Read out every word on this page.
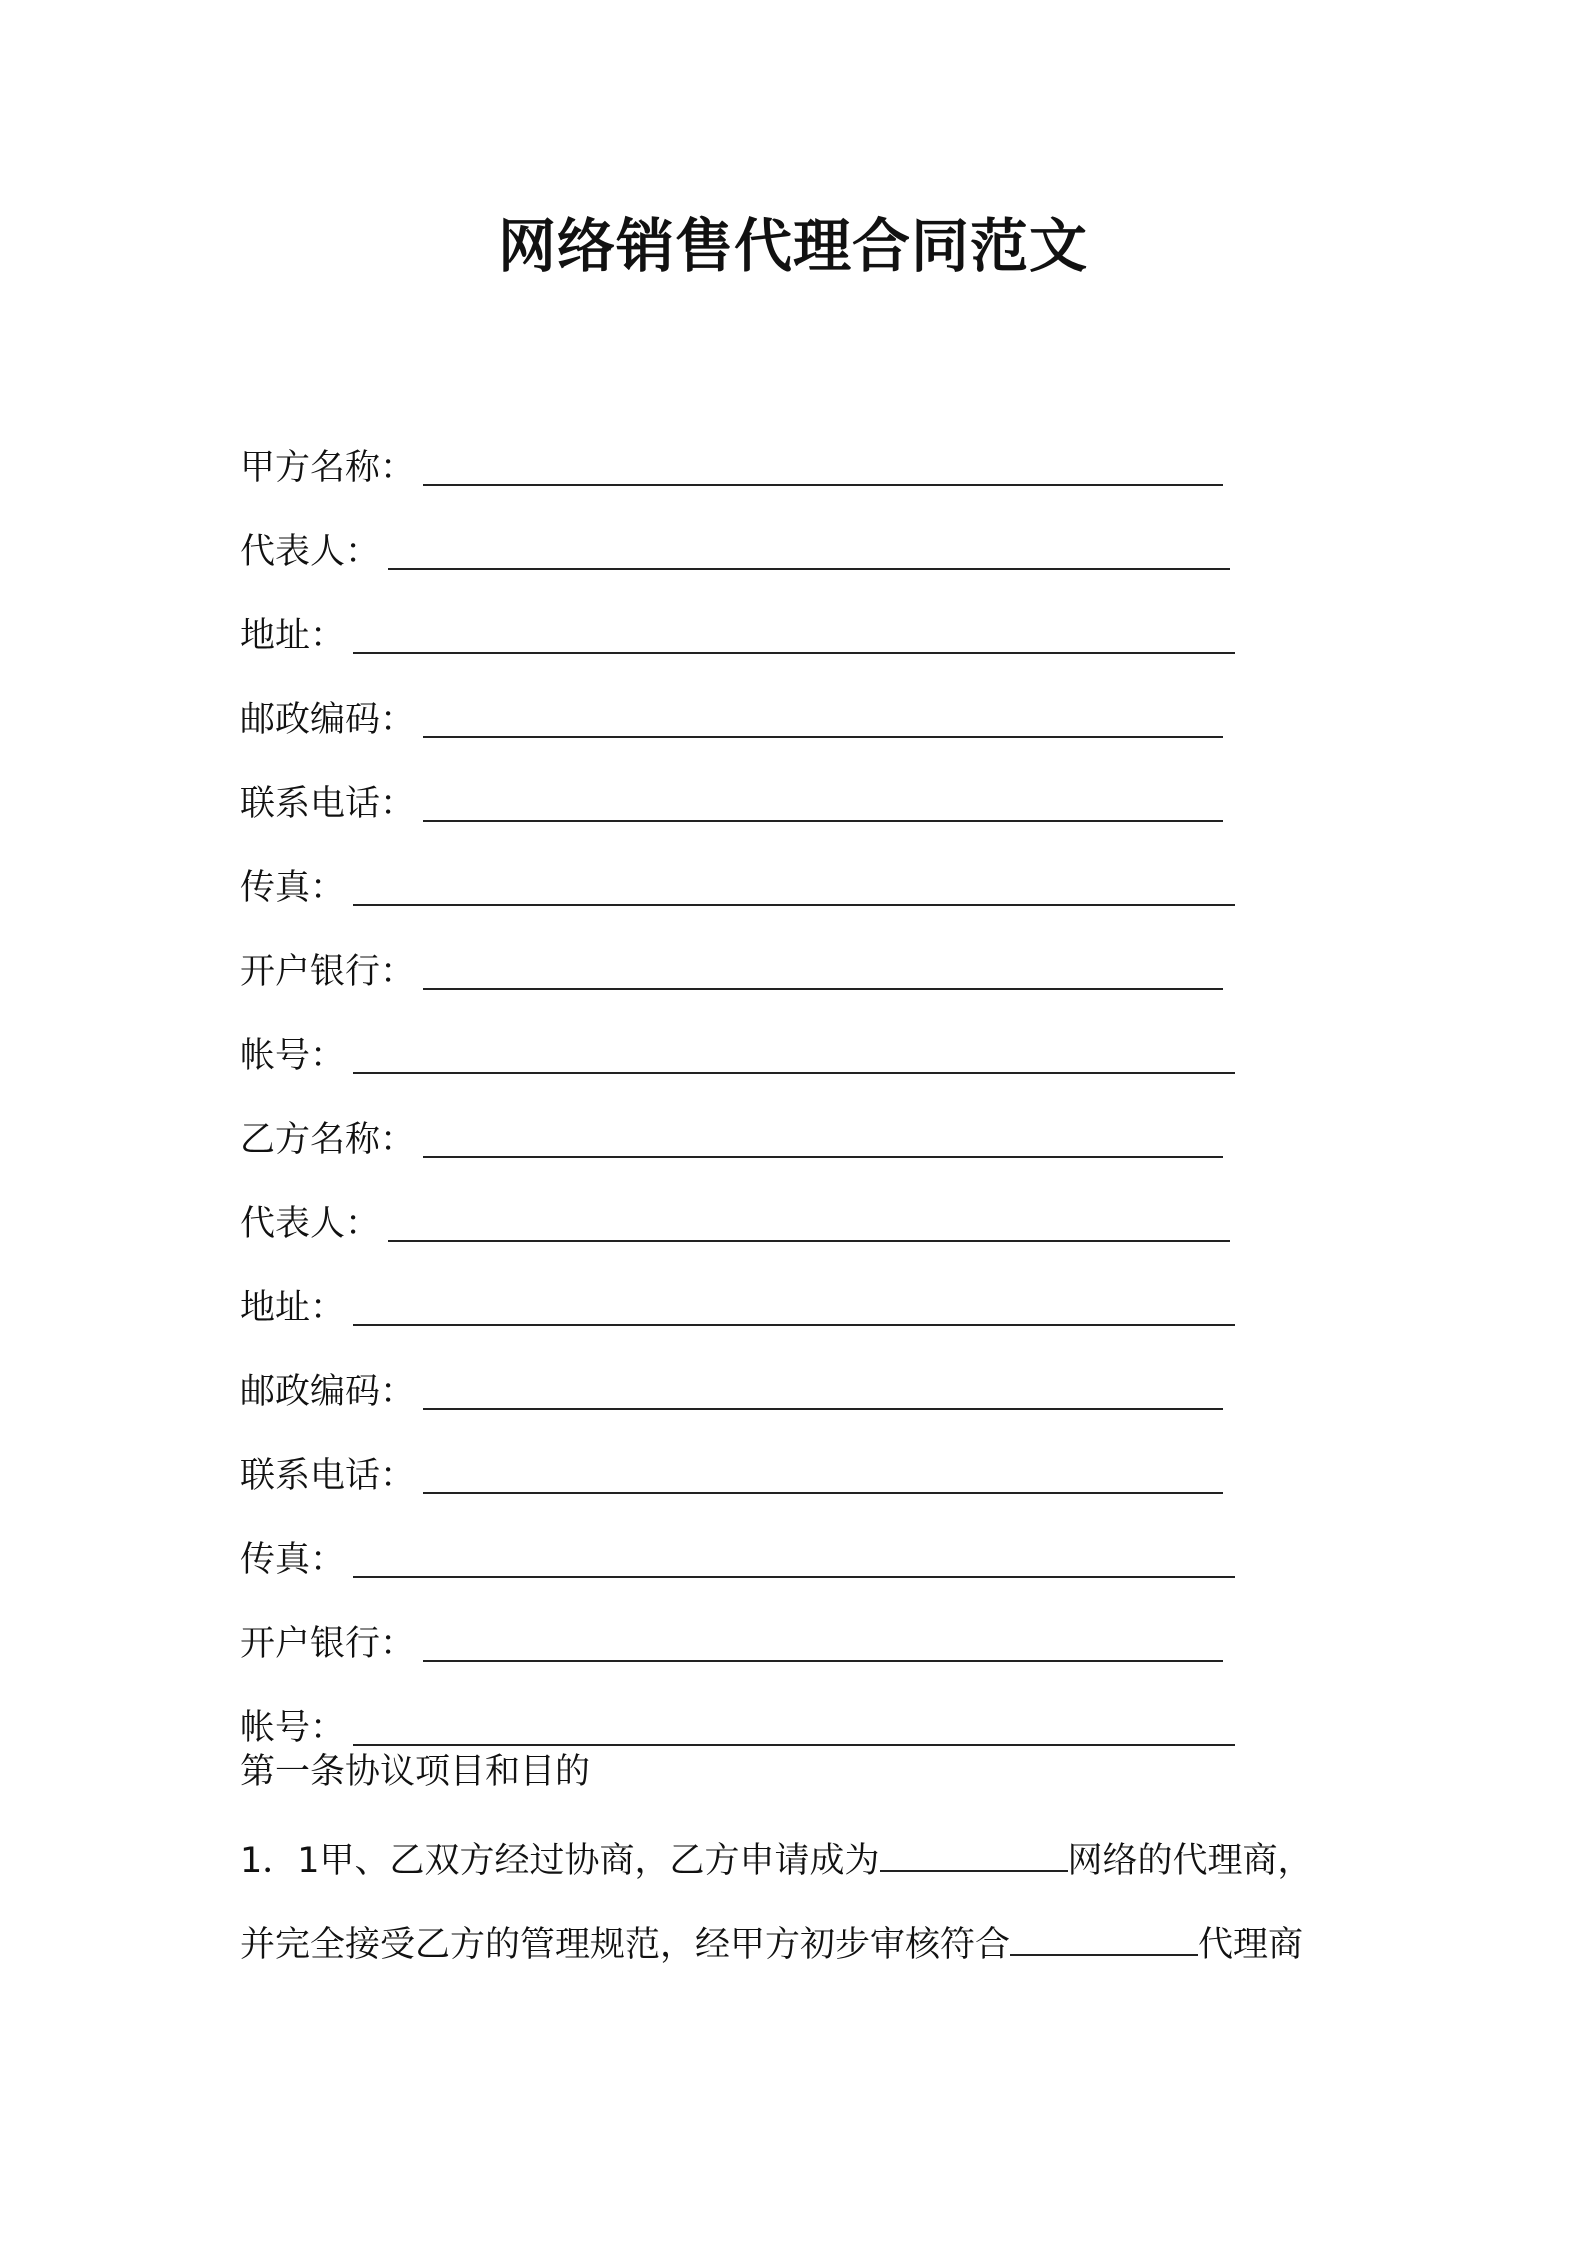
网络销售代理合同范文
甲方名称：
代表人：
地址：
邮政编码：
联系电话：
传真：
开户银行：
帐号：
乙方名称：
代表人：
地址：
邮政编码：
联系电话：
传真：
开户银行：
帐号：
第一条协议项目和目的
1．1甲、乙双方经过协商，乙方申请成为	网络的代理商，
并完全接受乙方的管理规范，经甲方初步审核符合	代理商
